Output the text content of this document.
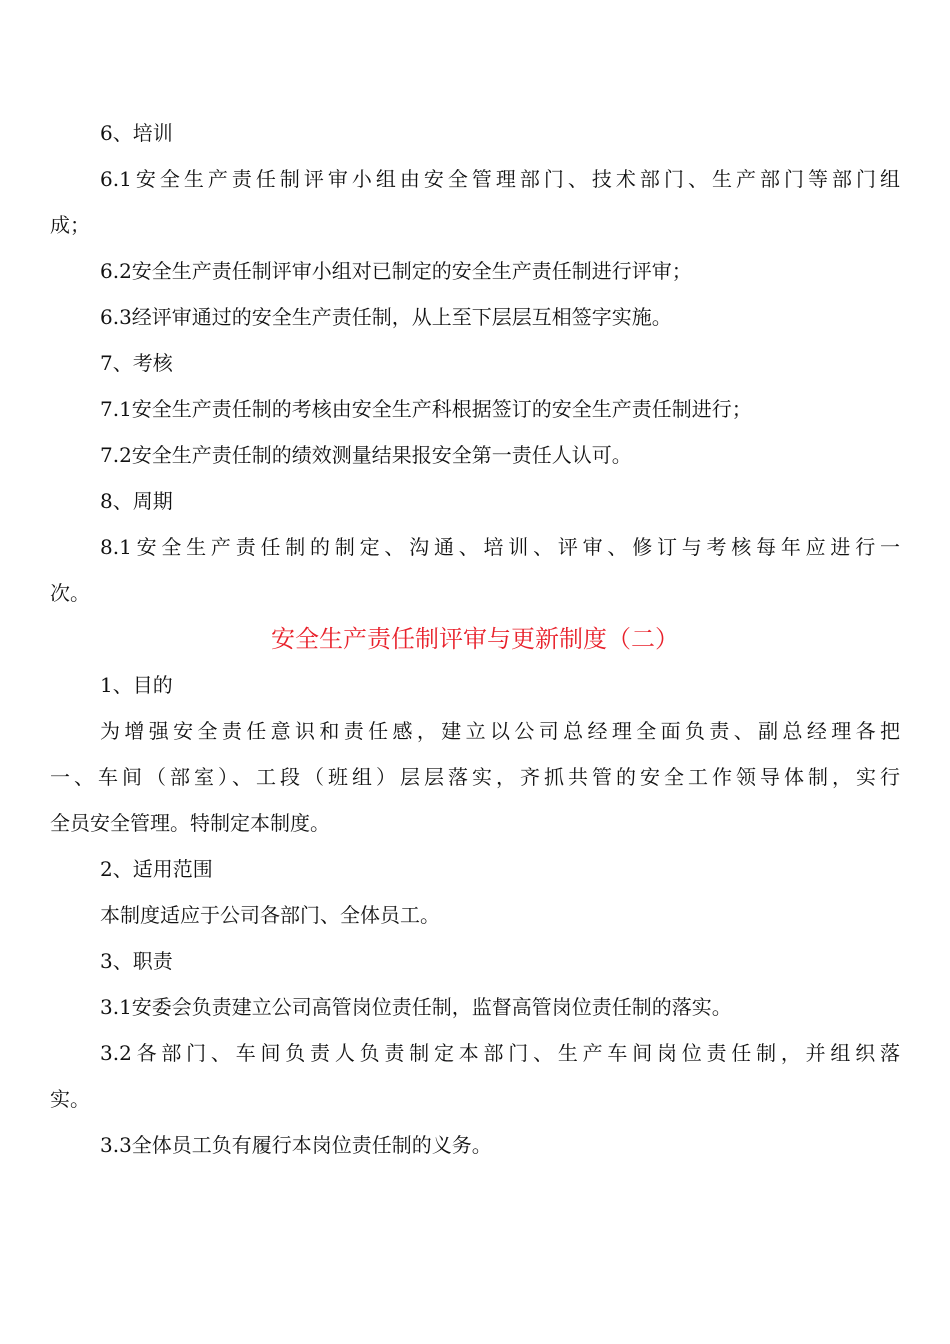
6、培训
6.1安全生产责任制评审小组由安全管理部门、技术部门、生产部门等部门组
成；
6.2安全生产责任制评审小组对已制定的安全生产责任制进行评审；
6.3经评审通过的安全生产责任制，从上至下层层互相签字实施。
7、考核
7.1安全生产责任制的考核由安全生产科根据签订的安全生产责任制进行；
7.2安全生产责任制的绩效测量结果报安全第一责任人认可。
8、周期
8.1安全生产责任制的制定、沟通、培训、评审、修订与考核每年应进行一
次。
安全生产责任制评审与更新制度（二）
1、目的
为增强安全责任意识和责任感，建立以公司总经理全面负责、副总经理各把
一、车间（部室）、工段（班组）层层落实，齐抓共管的安全工作领导体制，实行
全员安全管理。特制定本制度。
2、适用范围
本制度适应于公司各部门、全体员工。
3、职责
3.1安委会负责建立公司高管岗位责任制，监督高管岗位责任制的落实。
3.2各部门、车间负责人负责制定本部门、生产车间岗位责任制，并组织落
实。
3.3全体员工负有履行本岗位责任制的义务。
